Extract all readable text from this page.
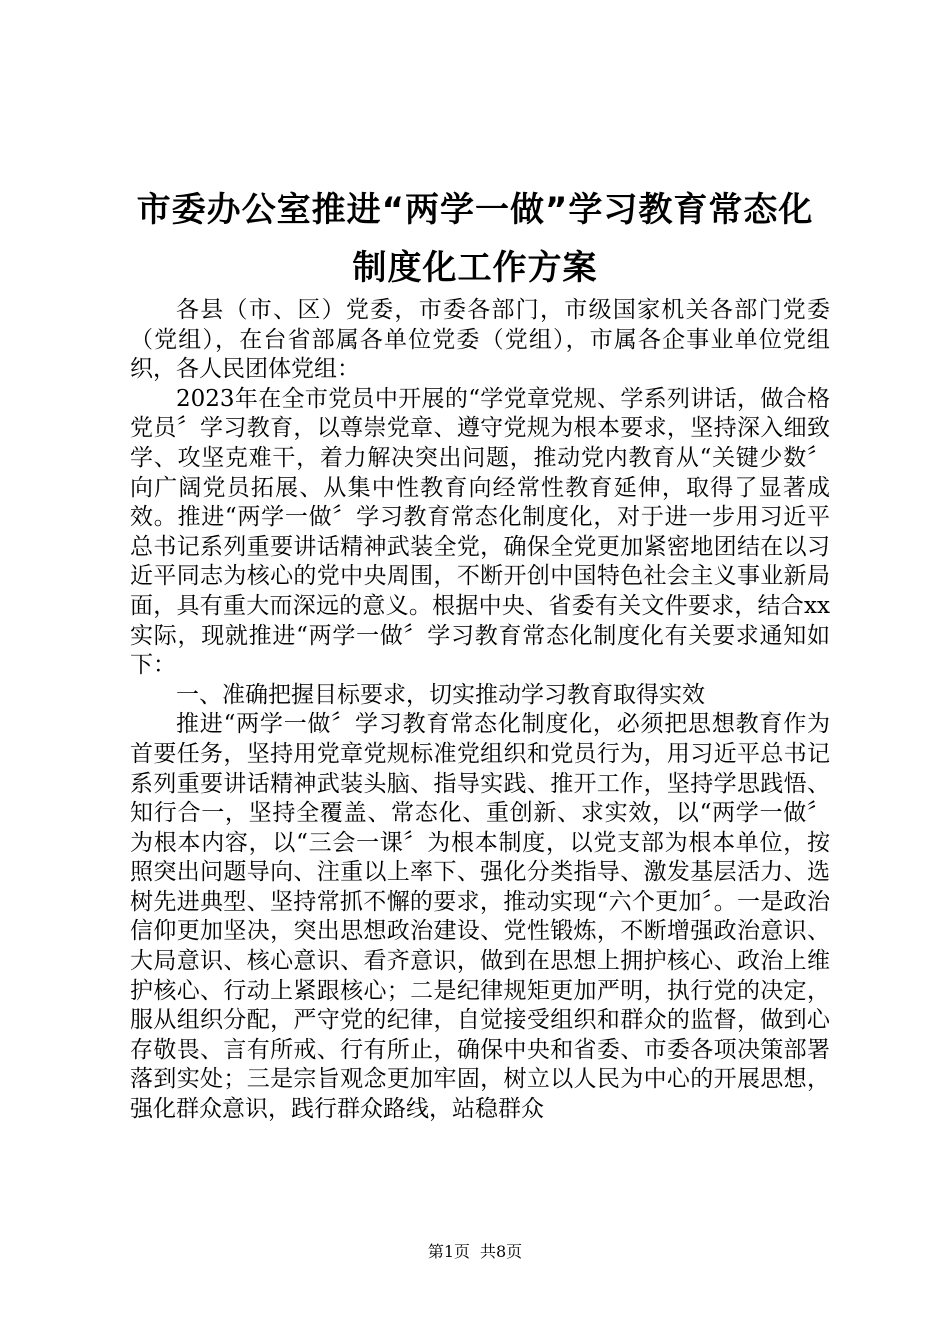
市委办公室推进“两学一做”学习教育常态化
制度化工作方案

各县（市、区）党委，市委各部门，市级国家机关各部门党委（党组），在台省部属各单位党委（党组），市属各企事业单位党组织，各人民团体党组：

2023年在全市党员中开展的“学党章党规、学系列讲话，做合格党员〞学习教育，以尊崇党章、遵守党规为根本要求，坚持深入细致学、攻坚克难干，着力解决突出问题，推动党内教育从“关键少数〞向广阔党员拓展、从集中性教育向经常性教育延伸，取得了显著成效。推进“两学一做〞学习教育常态化制度化，对于进一步用习近平总书记系列重要讲话精神武装全党，确保全党更加紧密地团结在以习近平同志为核心的党中央周围，不断开创中国特色社会主义事业新局面，具有重大而深远的意义。根据中央、省委有关文件要求，结合xx实际，现就推进“两学一做〞学习教育常态化制度化有关要求通知如下：

一、准确把握目标要求，切实推动学习教育取得实效

推进“两学一做〞学习教育常态化制度化，必须把思想教育作为首要任务，坚持用党章党规标准党组织和党员行为，用习近平总书记系列重要讲话精神武装头脑、指导实践、推开工作，坚持学思践悟、知行合一，坚持全覆盖、常态化、重创新、求实效，以“两学一做〞为根本内容，以“三会一课〞为根本制度，以党支部为根本单位，按照突出问题导向、注重以上率下、强化分类指导、激发基层活力、选树先进典型、坚持常抓不懈的要求，推动实现“六个更加〞。一是政治信仰更加坚决，突出思想政治建设、党性锻炼，不断增强政治意识、大局意识、核心意识、看齐意识，做到在思想上拥护核心、政治上维护核心、行动上紧跟核心；二是纪律规矩更加严明，执行党的决定，服从组织分配，严守党的纪律，自觉接受组织和群众的监督，做到心存敬畏、言有所戒、行有所止，确保中央和省委、市委各项决策部署落到实处；三是宗旨观念更加牢固，树立以人民为中心的开展思想，强化群众意识，践行群众路线，站稳群众

第1页 共8页
